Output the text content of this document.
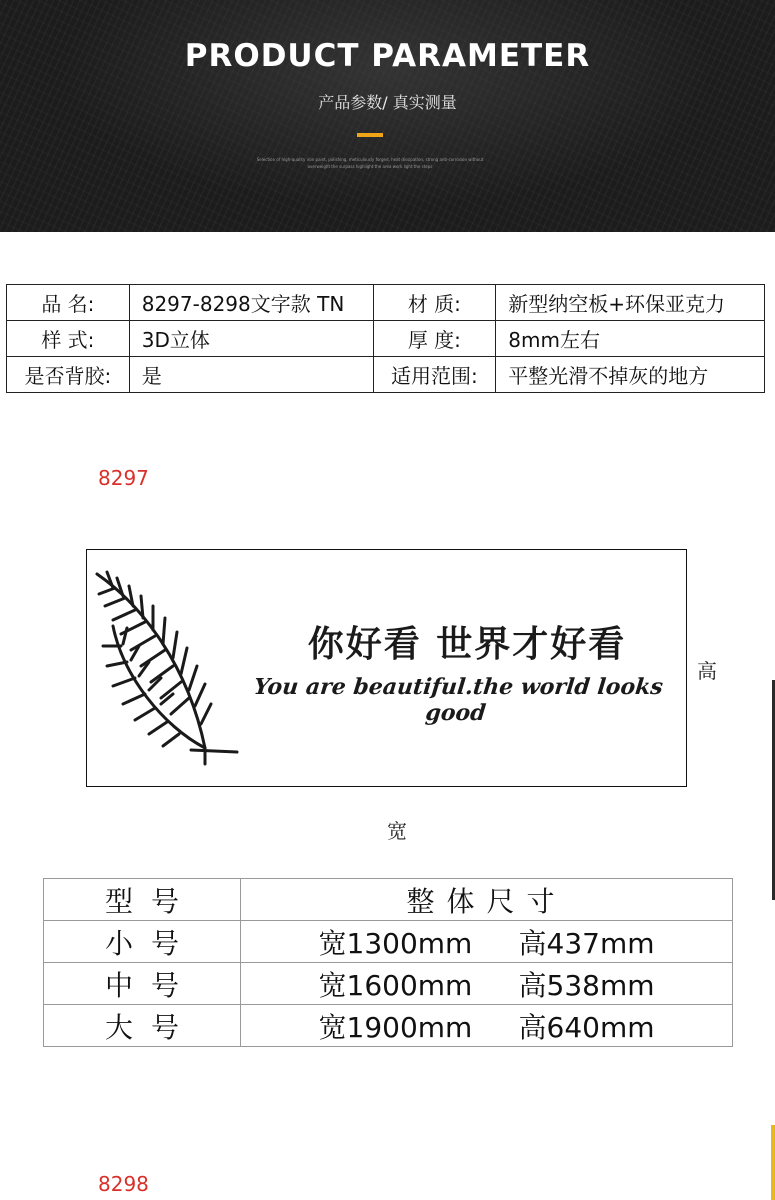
PRODUCT PARAMETER
产品参数/ 真实测量
Selection of high-quality iron paint, polishing, meticulously forged, heat dissipation, strong anti-corrosion without
overweight the surpass highlight the area work light the steps
品 名:	8297-8298文字款 TN	材 质:	新型纳空板+环保亚克力
样 式:	3D立体	厚 度:	8mm左右
是否背胶:	是	适用范围:	平整光滑不掉灰的地方
8297
你好看 世界才好看
You are beautiful.the world looks good
高
宽
型号	整体尺寸
小号	宽1300mm 高437mm
中号	宽1600mm 高538mm
大号	宽1900mm 高640mm
8298
